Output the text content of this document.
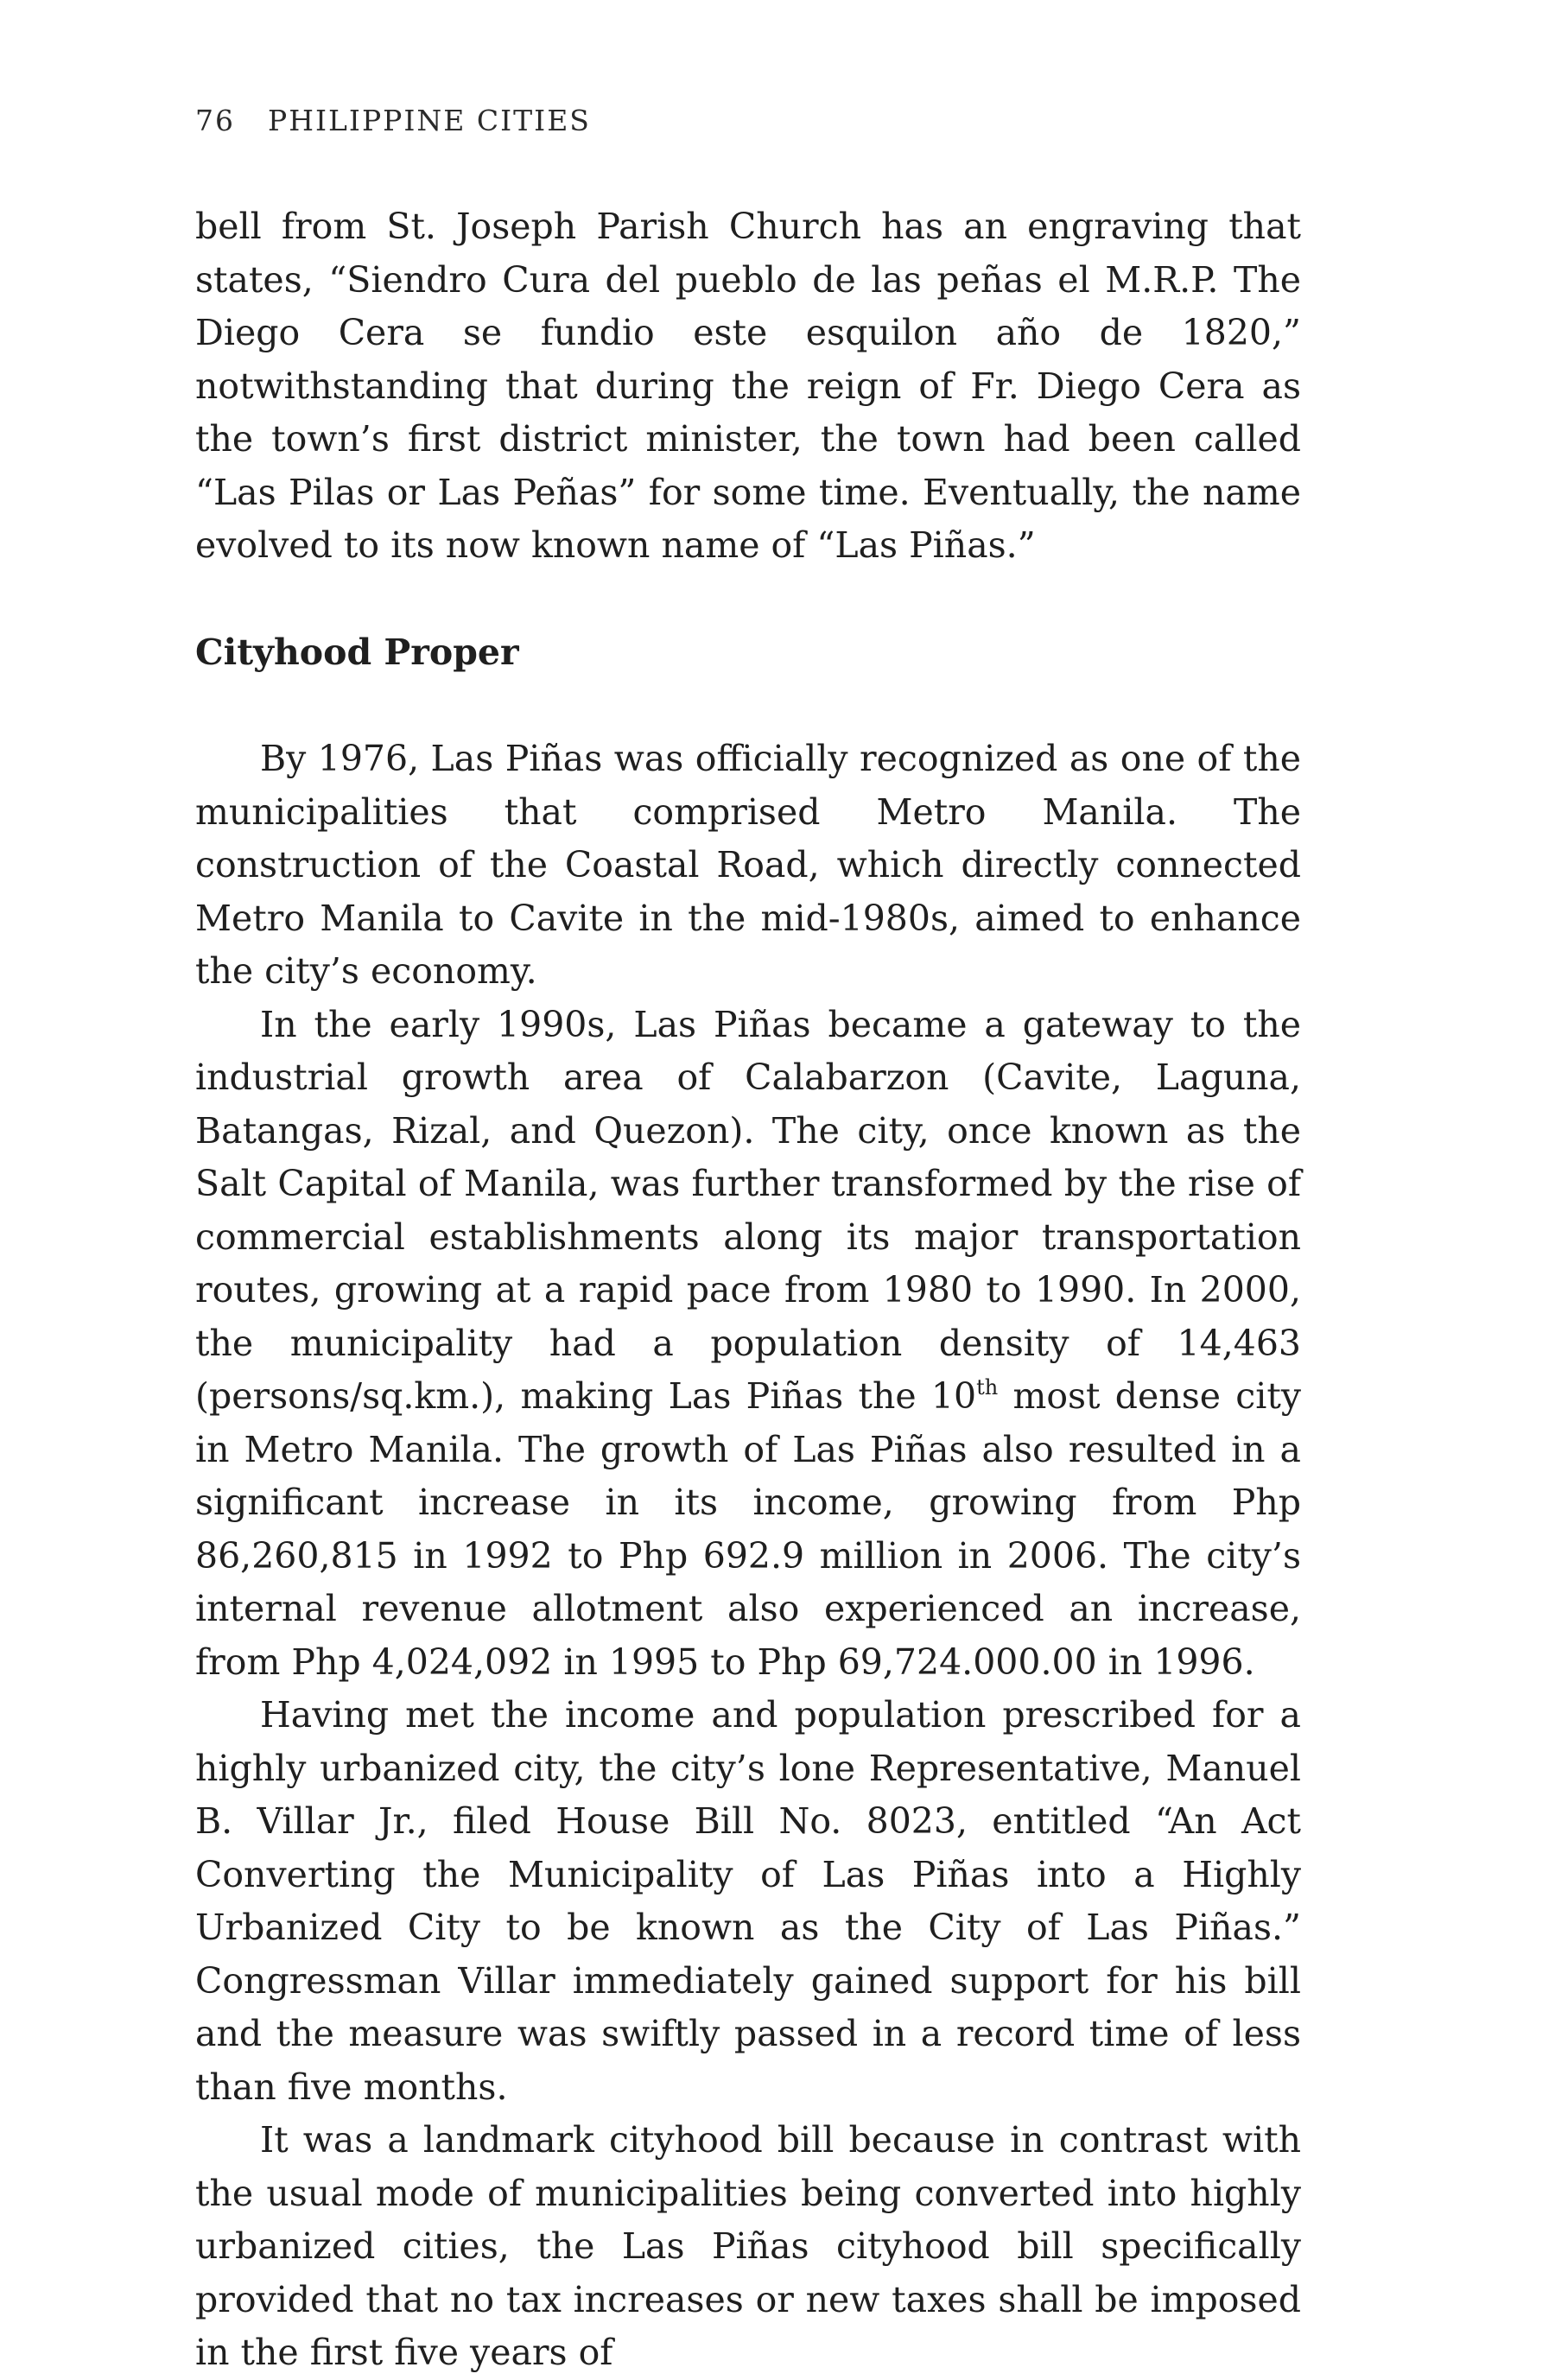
76 PHILIPPINE CITIES

bell from St. Joseph Parish Church has an engraving that states, “Siendro Cura del pueblo de las peñas el M.R.P. The Diego Cera se fundio este esquilon año de 1820,” notwithstanding that during the reign of Fr. Diego Cera as the town’s first district minister, the town had been called “Las Pilas or Las Peñas” for some time. Eventually, the name evolved to its now known name of “Las Piñas.”

Cityhood Proper

By 1976, Las Piñas was officially recognized as one of the municipalities that comprised Metro Manila. The construction of the Coastal Road, which directly connected Metro Manila to Cavite in the mid-1980s, aimed to enhance the city’s economy.

In the early 1990s, Las Piñas became a gateway to the industrial growth area of Calabarzon (Cavite, Laguna, Batangas, Rizal, and Quezon). The city, once known as the Salt Capital of Manila, was further transformed by the rise of commercial establishments along its major transportation routes, growing at a rapid pace from 1980 to 1990. In 2000, the municipality had a population density of 14,463 (persons/sq.km.), making Las Piñas the 10th most dense city in Metro Manila. The growth of Las Piñas also resulted in a significant increase in its income, growing from Php 86,260,815 in 1992 to Php 692.9 million in 2006. The city’s internal revenue allotment also experienced an increase, from Php 4,024,092 in 1995 to Php 69,724.000.00 in 1996.

Having met the income and population prescribed for a highly urbanized city, the city’s lone Representative, Manuel B. Villar Jr., filed House Bill No. 8023, entitled “An Act Converting the Municipality of Las Piñas into a Highly Urbanized City to be known as the City of Las Piñas.” Congressman Villar immediately gained support for his bill and the measure was swiftly passed in a record time of less than five months.

It was a landmark cityhood bill because in contrast with the usual mode of municipalities being converted into highly urbanized cities, the Las Piñas cityhood bill specifically provided that no tax increases or new taxes shall be imposed in the first five years of
